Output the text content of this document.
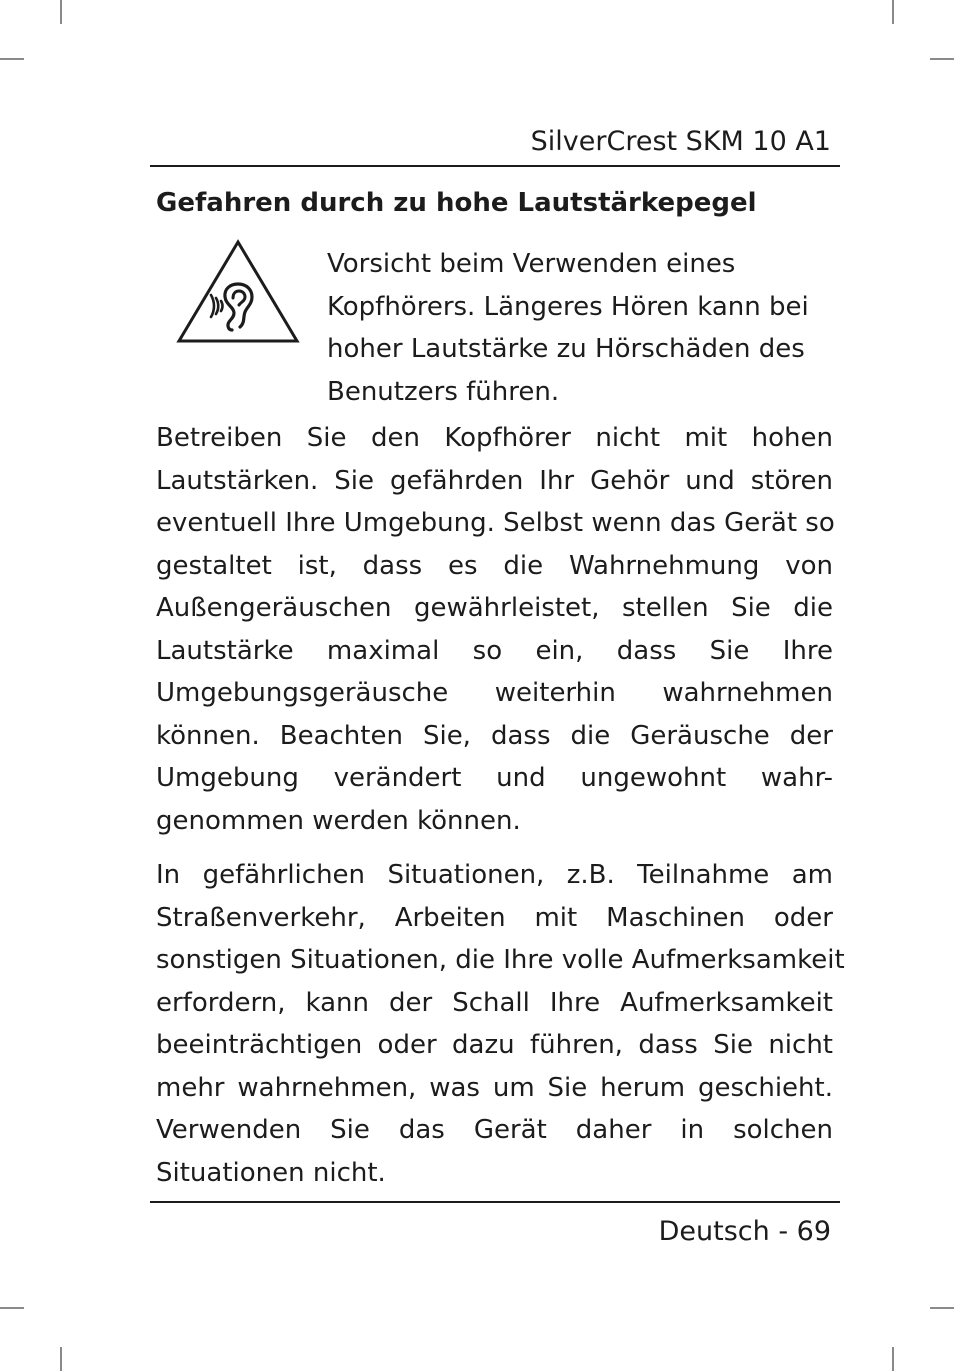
SilverCrest SKM 10 A1
Gefahren durch zu hohe Lautstärkepegel
Vorsicht beim Verwenden eines
Kopfhörers. Längeres Hören kann bei
hoher Lautstärke zu Hörschäden des
Benutzers führen.
Betreiben Sie den Kopfhörer nicht mit hohen
Lautstärken. Sie gefährden Ihr Gehör und stören
eventuell Ihre Umgebung. Selbst wenn das Gerät so
gestaltet ist, dass es die Wahrnehmung von
Außengeräuschen gewährleistet, stellen Sie die
Lautstärke maximal so ein, dass Sie Ihre
Umgebungsgeräusche weiterhin wahrnehmen
können. Beachten Sie, dass die Geräusche der
Umgebung verändert und ungewohnt wahr-
genommen werden können.
In gefährlichen Situationen, z.B. Teilnahme am
Straßenverkehr, Arbeiten mit Maschinen oder
sonstigen Situationen, die Ihre volle Aufmerksamkeit
erfordern, kann der Schall Ihre Aufmerksamkeit
beeinträchtigen oder dazu führen, dass Sie nicht
mehr wahrnehmen, was um Sie herum geschieht.
Verwenden Sie das Gerät daher in solchen
Situationen nicht.
Deutsch - 69
